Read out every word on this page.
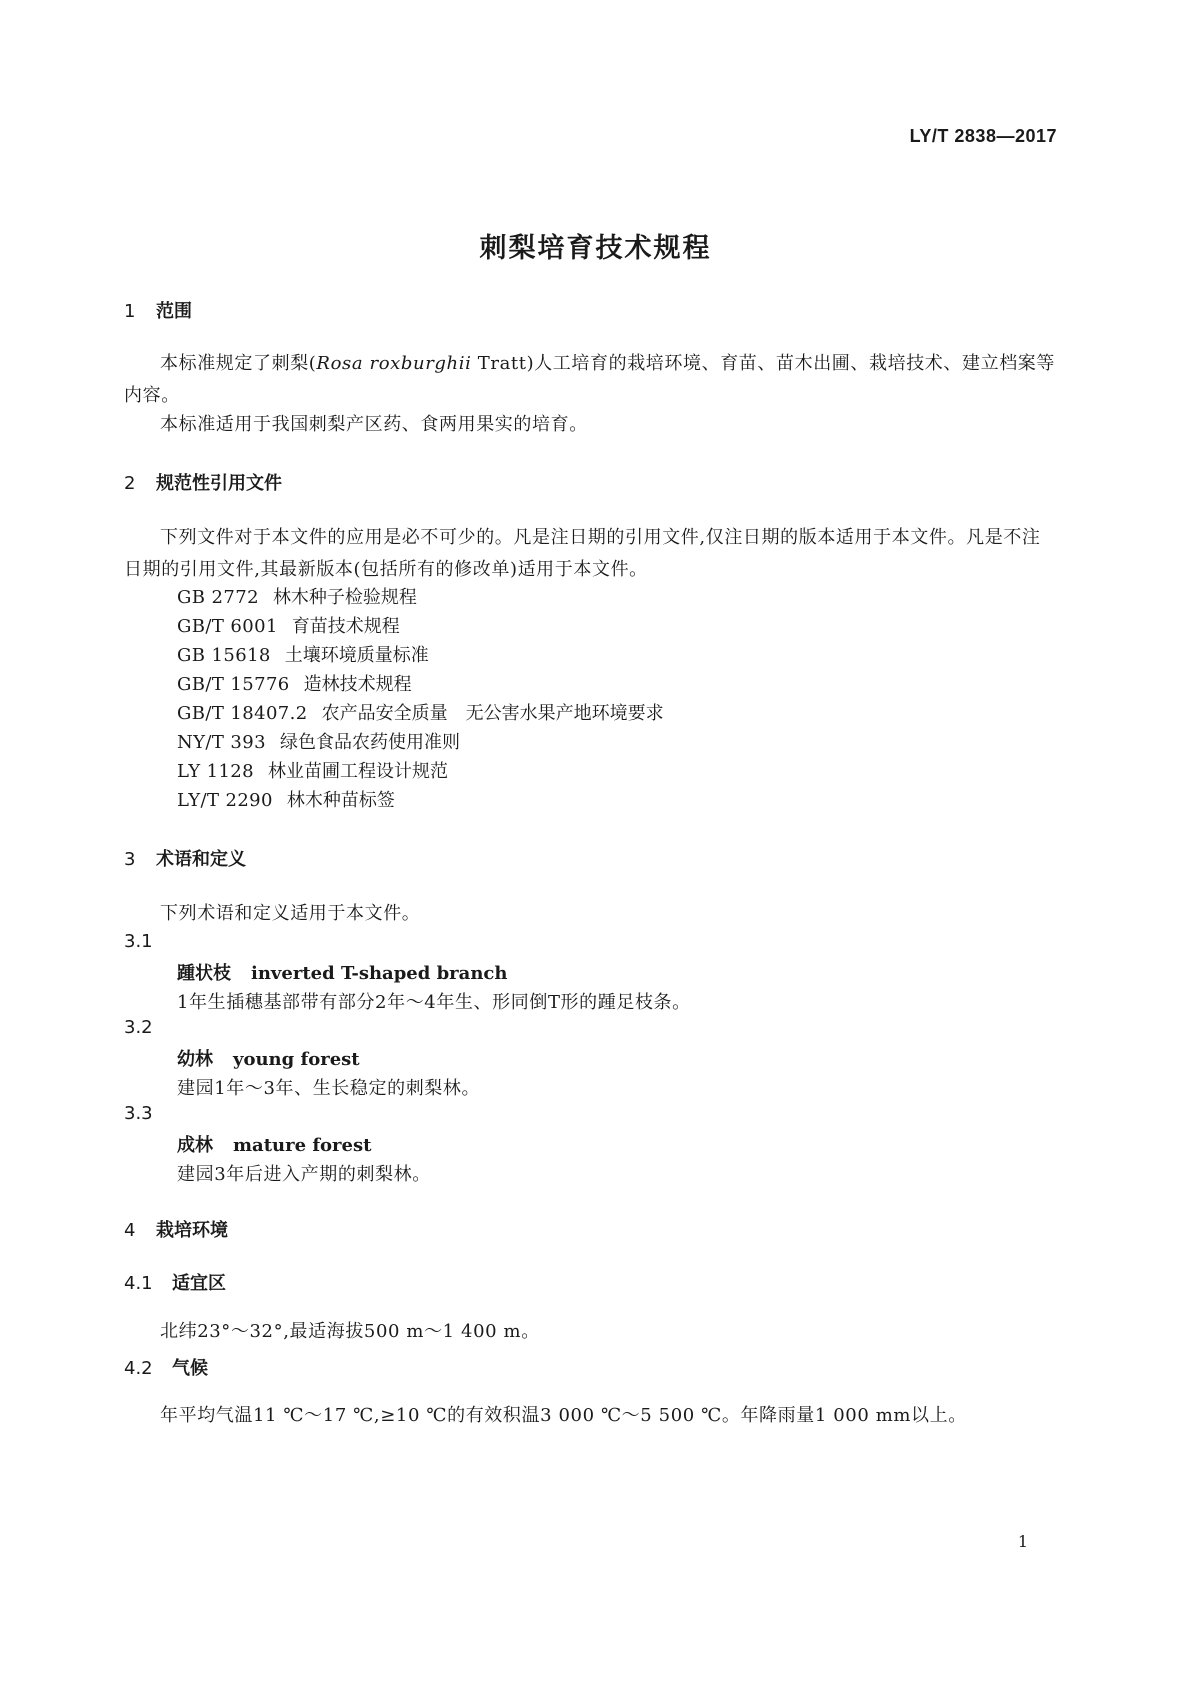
LY/T 2838—2017
刺梨培育技术规程
1 范围
本标准规定了刺梨(Rosa roxburghii Tratt)人工培育的栽培环境、育苗、苗木出圃、栽培技术、建立档案等内容。
本标准适用于我国刺梨产区药、食两用果实的培育。
2 规范性引用文件
下列文件对于本文件的应用是必不可少的。凡是注日期的引用文件,仅注日期的版本适用于本文件。凡是不注日期的引用文件,其最新版本(包括所有的修改单)适用于本文件。
GB 2772 林木种子检验规程
GB/T 6001 育苗技术规程
GB 15618 土壤环境质量标准
GB/T 15776 造林技术规程
GB/T 18407.2 农产品安全质量　无公害水果产地环境要求
NY/T 393 绿色食品农药使用准则
LY 1128 林业苗圃工程设计规范
LY/T 2290 林木种苗标签
3 术语和定义
下列术语和定义适用于本文件。
3.1
踵状枝 inverted T-shaped branch
1年生插穗基部带有部分2年～4年生、形同倒T形的踵足枝条。
3.2
幼林 young forest
建园1年～3年、生长稳定的刺梨林。
3.3
成林 mature forest
建园3年后进入产期的刺梨林。
4 栽培环境
4.1 适宜区
北纬23°～32°,最适海拔500 m～1 400 m。
4.2 气候
年平均气温11 ℃～17 ℃,≥10 ℃的有效积温3 000 ℃～5 500 ℃。年降雨量1 000 mm以上。
1
